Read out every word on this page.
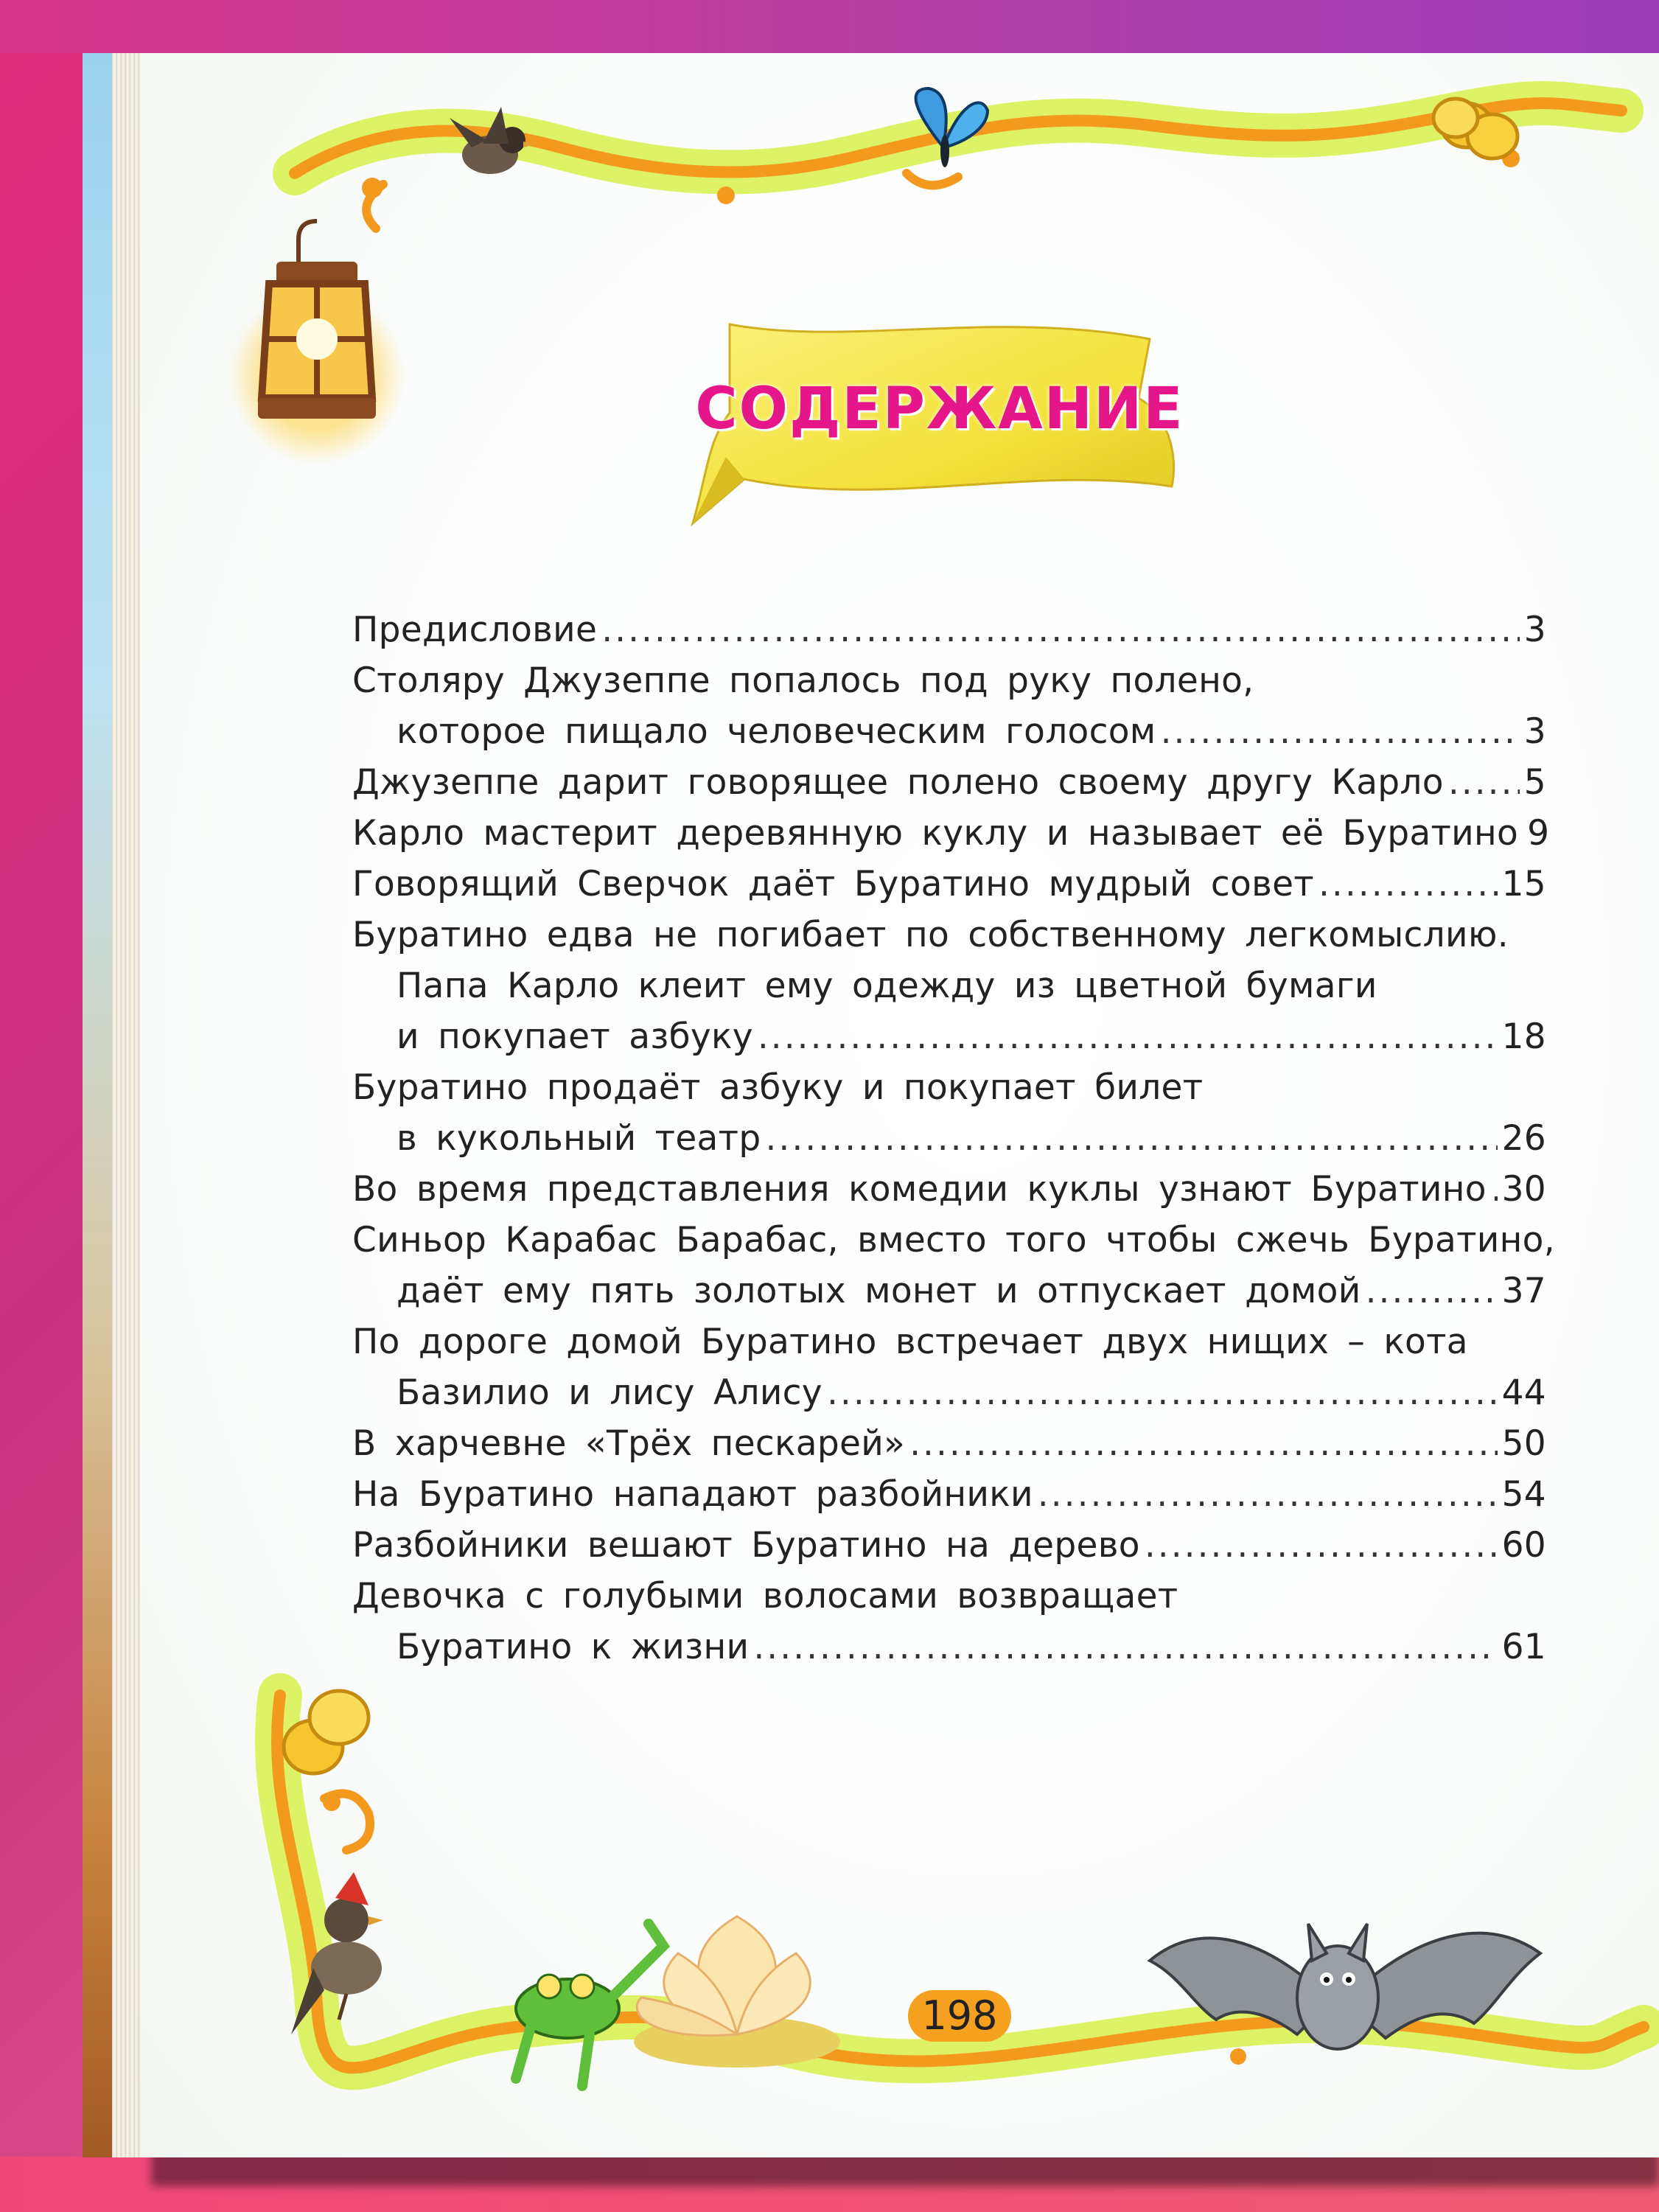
СОДЕРЖАНИЕ
Предисловие .....	3
Столяру Джузеппе попалось под руку полено,
которое пищало человеческим голосом .....	3
Джузеппе дарит говорящее полено своему другу Карло ..... 5
Карло мастерит деревянную куклу и называет её Буратино 9
Говорящий Сверчок даёт Буратино мудрый совет .....	15
Буратино едва не погибает по собственному легкомыслию.
Папа Карло клеит ему одежду из цветной бумаги
и покупает азбуку .....	18
Буратино продаёт азбуку и покупает билет
в кукольный театр .....	26
Во время представления комедии куклы узнают Буратино ..... 30
Синьор Карабас Барабас, вместо того чтобы сжечь Буратино,
даёт ему пять золотых монет и отпускает домой .....	37
По дороге домой Буратино встречает двух нищих – кота
Базилио и лису Алису .....	44
В харчевне «Трёх пескарей» .....	50
На Буратино нападают разбойники .....	54
Разбойники вешают Буратино на дерево .....	60
Девочка с голубыми волосами возвращает
Буратино к жизни .....	61
198
